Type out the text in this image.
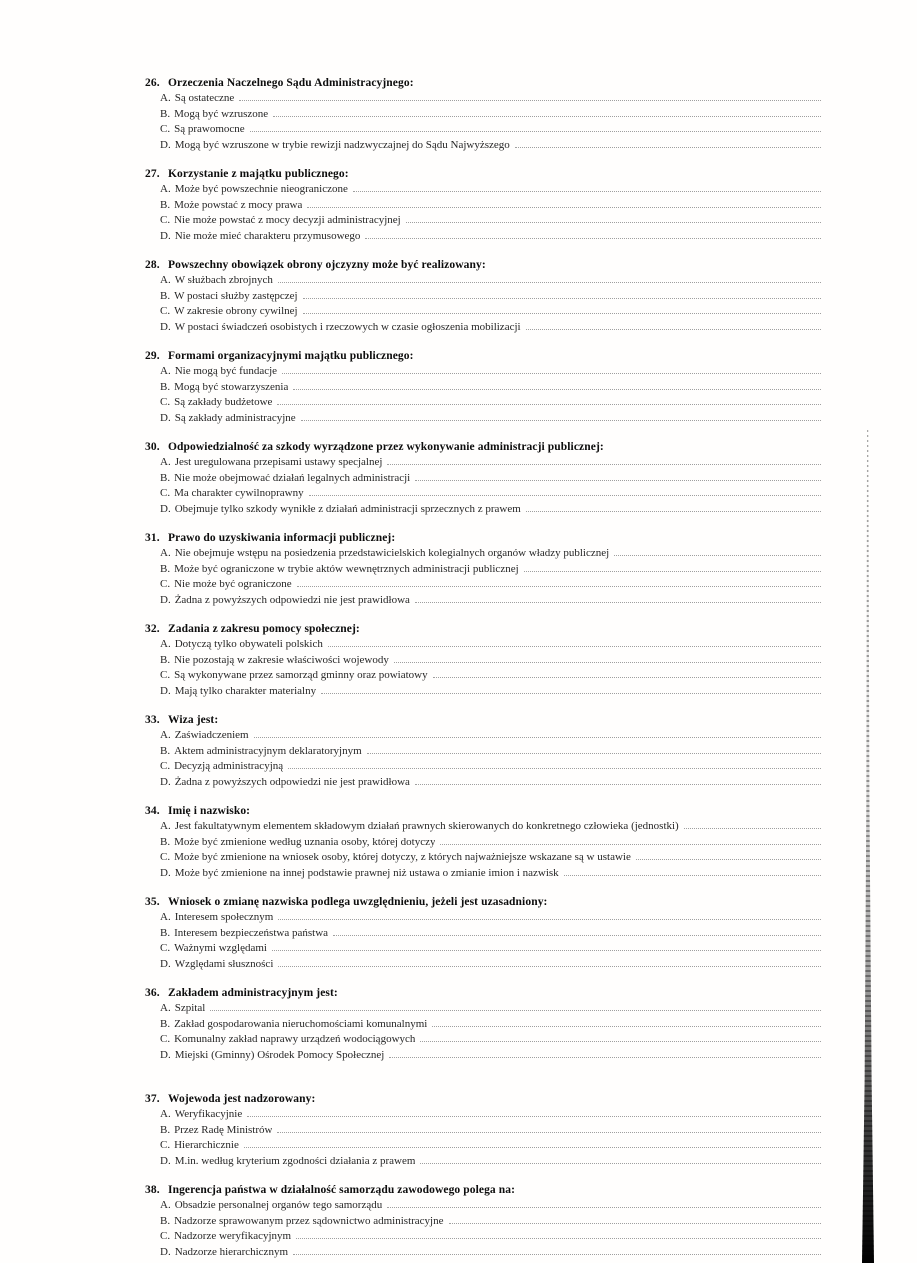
26. Orzeczenia Naczelnego Sądu Administracyjnego:
A. Są ostateczne
B. Mogą być wzruszone
C. Są prawomocne
D. Mogą być wzruszone w trybie rewizji nadzwyczajnej do Sądu Najwyższego
27. Korzystanie z majątku publicznego:
A. Może być powszechnie nieograniczone
B. Może powstać z mocy prawa
C. Nie może powstać z mocy decyzji administracyjnej
D. Nie może mieć charakteru przymusowego
28. Powszechny obowiązek obrony ojczyzny może być realizowany:
A. W służbach zbrojnych
B. W postaci służby zastępczej
C. W zakresie obrony cywilnej
D. W postaci świadczeń osobistych i rzeczowych w czasie ogłoszenia mobilizacji
29. Formami organizacyjnymi majątku publicznego:
A. Nie mogą być fundacje
B. Mogą być stowarzyszenia
C. Są zakłady budżetowe
D. Są zakłady administracyjne
30. Odpowiedzialność za szkody wyrządzone przez wykonywanie administracji publicznej:
A. Jest uregulowana przepisami ustawy specjalnej
B. Nie może obejmować działań legalnych administracji
C. Ma charakter cywilnoprawny
D. Obejmuje tylko szkody wynikłe z działań administracji sprzecznych z prawem
31. Prawo do uzyskiwania informacji publicznej:
A. Nie obejmuje wstępu na posiedzenia przedstawicielskich kolegialnych organów władzy publicznej
B. Może być ograniczone w trybie aktów wewnętrznych administracji publicznej
C. Nie może być ograniczone
D. Żadna z powyższych odpowiedzi nie jest prawidłowa
32. Zadania z zakresu pomocy społecznej:
A. Dotyczą tylko obywateli polskich
B. Nie pozostają w zakresie właściwości wojewody
C. Są wykonywane przez samorząd gminny oraz powiatowy
D. Mają tylko charakter materialny
33. Wiza jest:
A. Zaświadczeniem
B. Aktem administracyjnym deklaratoryjnym
C. Decyzją administracyjną
D. Żadna z powyższych odpowiedzi nie jest prawidłowa
34. Imię i nazwisko:
A. Jest fakultatywnym elementem składowym działań prawnych skierowanych do konkretnego człowieka (jednostki)
B. Może być zmienione według uznania osoby, której dotyczy
C. Może być zmienione na wniosek osoby, której dotyczy, z których najważniejsze wskazane są w ustawie
D. Może być zmienione na innej podstawie prawnej niż ustawa o zmianie imion i nazwisk
35. Wniosek o zmianę nazwiska podlega uwzględnieniu, jeżeli jest uzasadniony:
A. Interesem społecznym
B. Interesem bezpieczeństwa państwa
C. Ważnymi względami
D. Względami słuszności
36. Zakładem administracyjnym jest:
A. Szpital
B. Zakład gospodarowania nieruchomościami komunalnymi
C. Komunalny zakład naprawy urządzeń wodociągowych
D. Miejski (Gminny) Ośrodek Pomocy Społecznej
37. Wojewoda jest nadzorowany:
A. Weryfikacyjnie
B. Przez Radę Ministrów
C. Hierarchicznie
D. M.in. według kryterium zgodności działania z prawem
38. Ingerencja państwa w działalność samorządu zawodowego polega na:
A. Obsadzie personalnej organów tego samorządu
B. Nadzorze sprawowanym przez sądownictwo administracyjne
C. Nadzorze weryfikacyjnym
D. Nadzorze hierarchicznym
